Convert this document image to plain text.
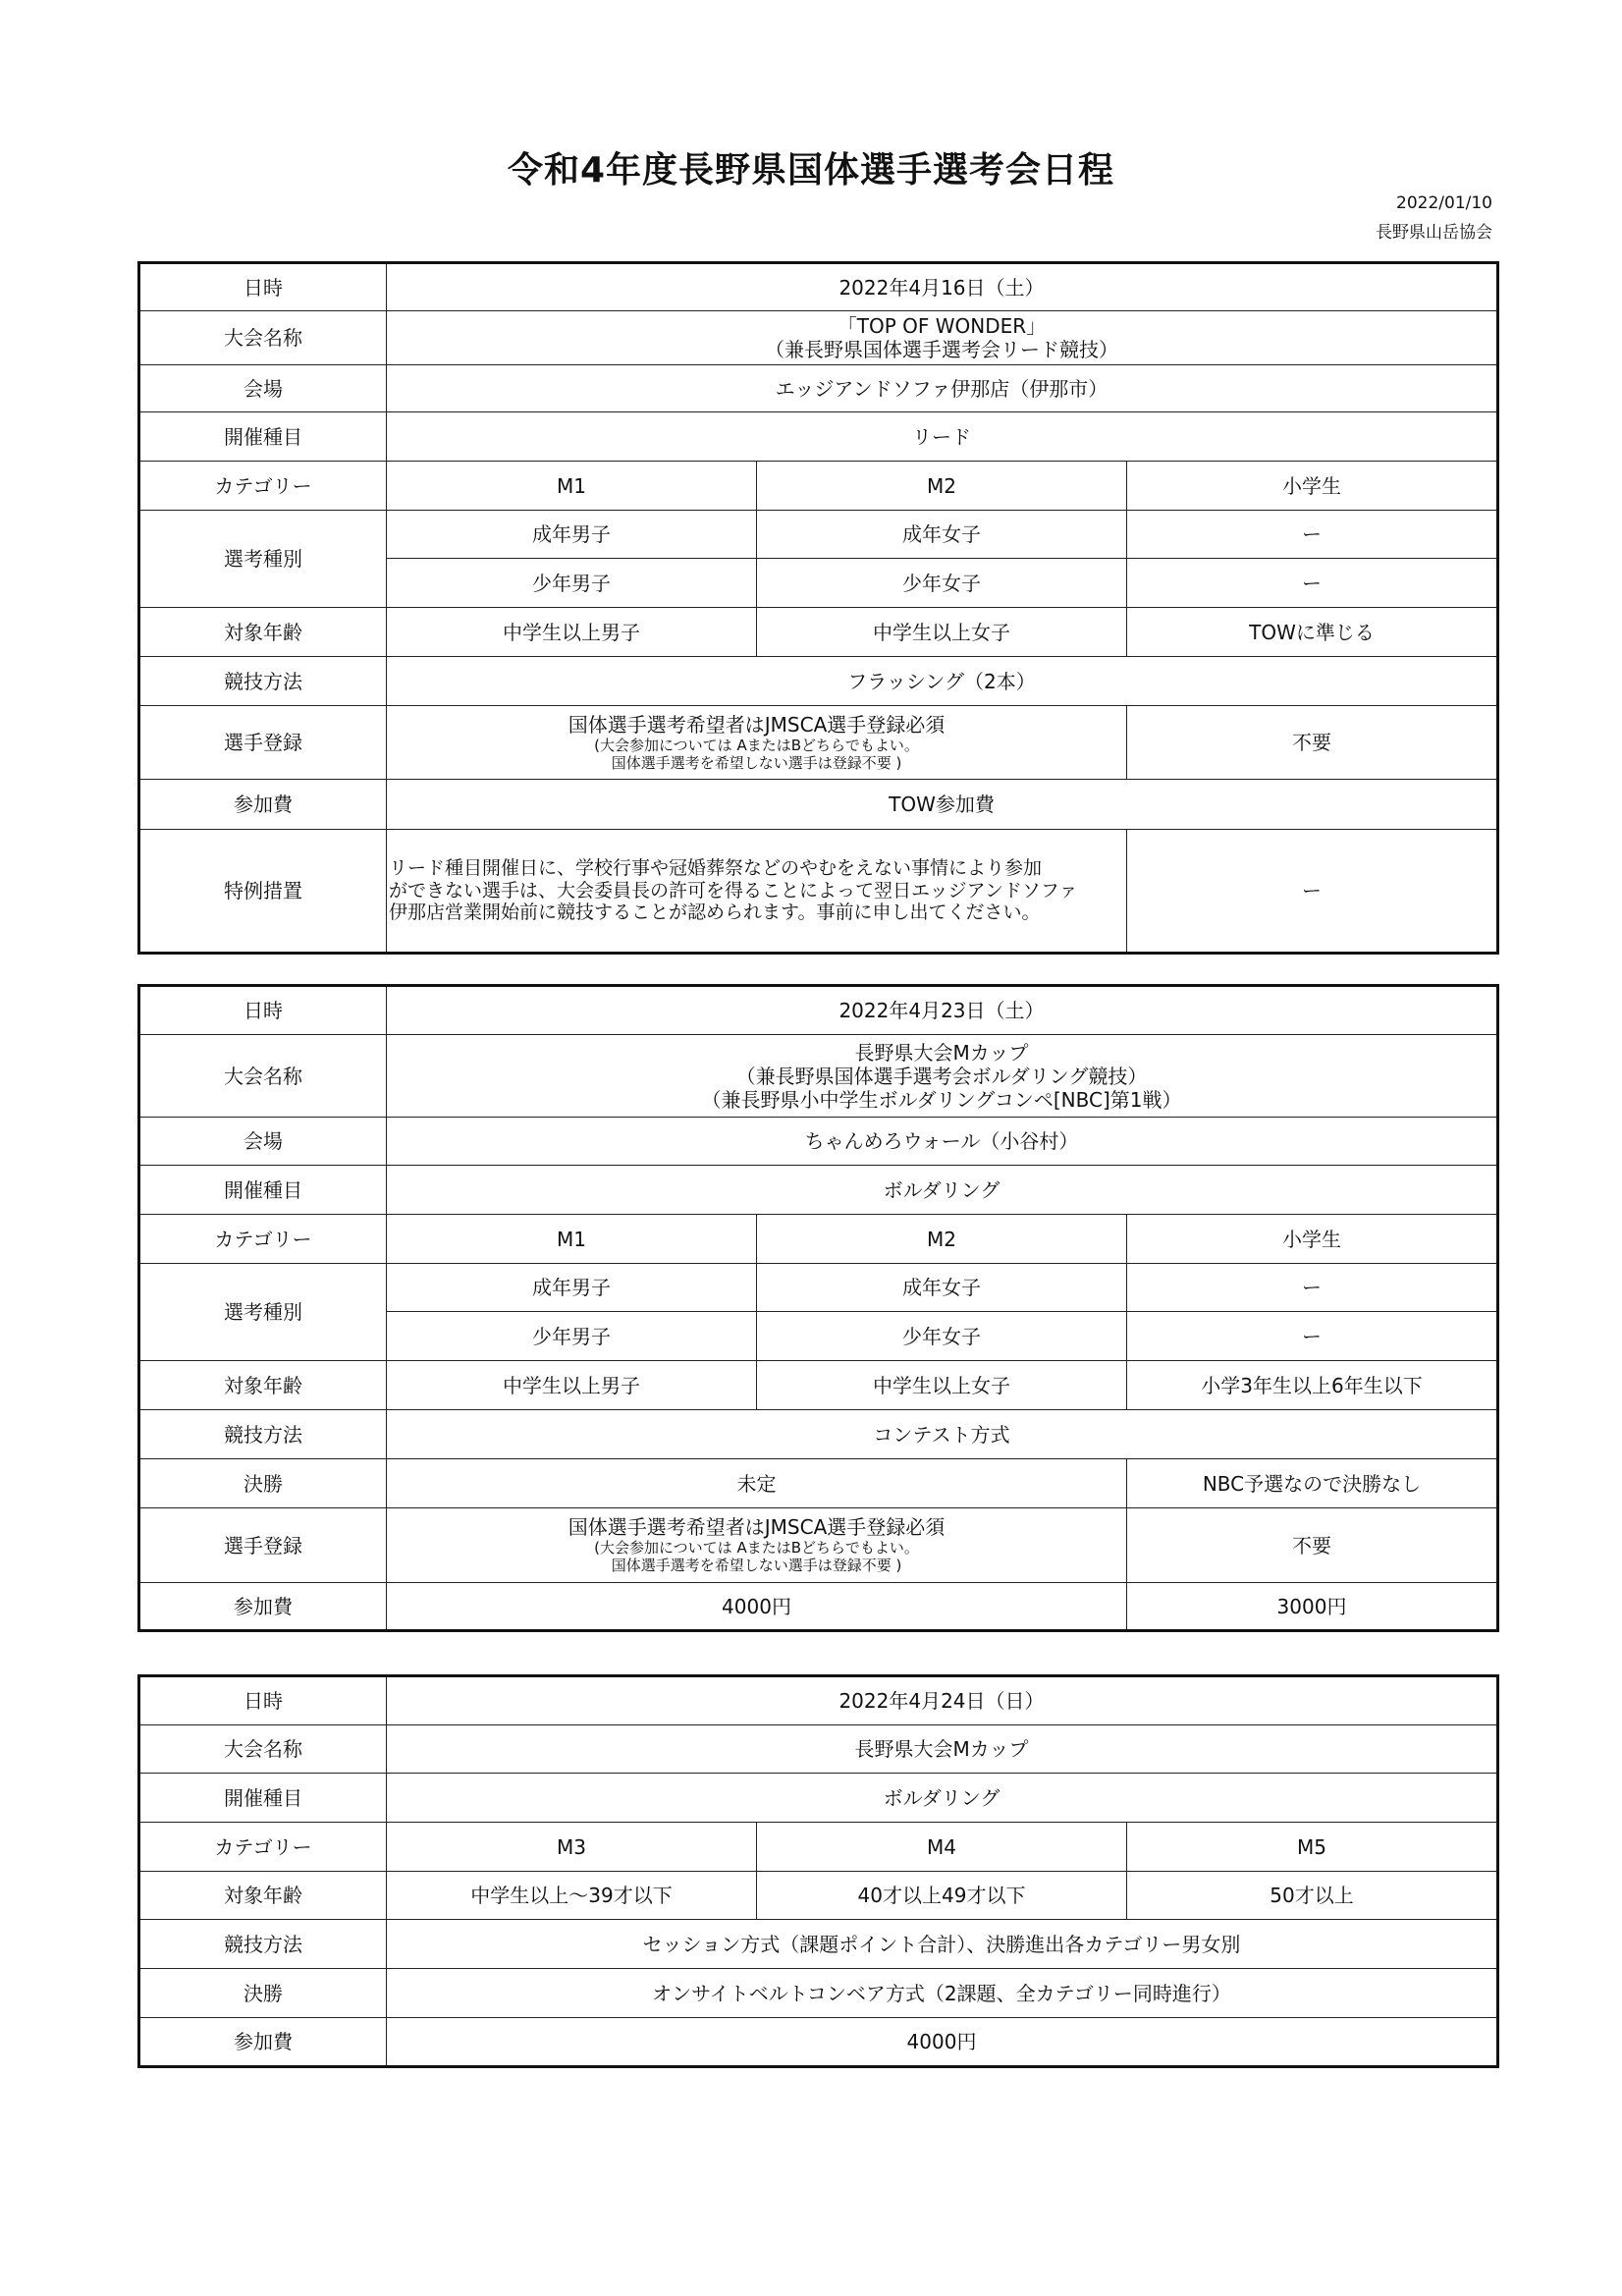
令和4年度長野県国体選手選考会日程
2022/01/10
長野県山岳協会
日時	2022年4月16日（土）		
大会名称	「TOP OF WONDER」
（兼長野県国体選手選考会リード競技）		

会場	エッジアンドソファ伊那店（伊那市）		
開催種目	リード		
カテゴリー	M1	M2	小学生
選考種別	成年男子	成年女子	ー
	少年男子	少年女子	ー
対象年齢	中学生以上男子	中学生以上女子	TOWに準じる
競技方法	フラッシング（2本）		
選手登録	国体選手選考希望者はJMSCA選手登録必須
(大会参加については AまたはBどちらでもよい。
国体選手選考を希望しない選手は登録不要 )		不要
参加費	TOW参加費		
特例措置	リード種目開催日に、学校行事や冠婚葬祭などのやむをえない事情により参加
ができない選手は、大会委員長の許可を得ることによって翌日エッジアンドソファ
伊那店営業開始前に競技することが認められます。事前に申し出てください。		ー
日時	2022年4月23日（土）		
大会名称	長野県大会Mカップ
（兼長野県国体選手選考会ボルダリング競技）
（兼長野県小中学生ボルダリングコンペ[NBC]第1戦）		

会場	ちゃんめろウォール（小谷村）		
開催種目	ボルダリング		
カテゴリー	M1	M2	小学生
選考種別	成年男子	成年女子	ー
	少年男子	少年女子	ー
対象年齢	中学生以上男子	中学生以上女子	小学3年生以上6年生以下
競技方法	コンテスト方式		
決勝	未定		NBC予選なので決勝なし
選手登録	国体選手選考希望者はJMSCA選手登録必須
(大会参加については AまたはBどちらでもよい。
国体選手選考を希望しない選手は登録不要 )		不要
参加費	4000円		3000円
日時	2022年4月24日（日）		
大会名称	長野県大会Mカップ		
開催種目	ボルダリング		
カテゴリー	M3	M4	M5
対象年齢	中学生以上～39才以下	40才以上49才以下	50才以上
競技方法	セッション方式（課題ポイント合計）、決勝進出各カテゴリー男女別		
決勝	オンサイトベルトコンベア方式（2課題、全カテゴリー同時進行）		
参加費	4000円		
